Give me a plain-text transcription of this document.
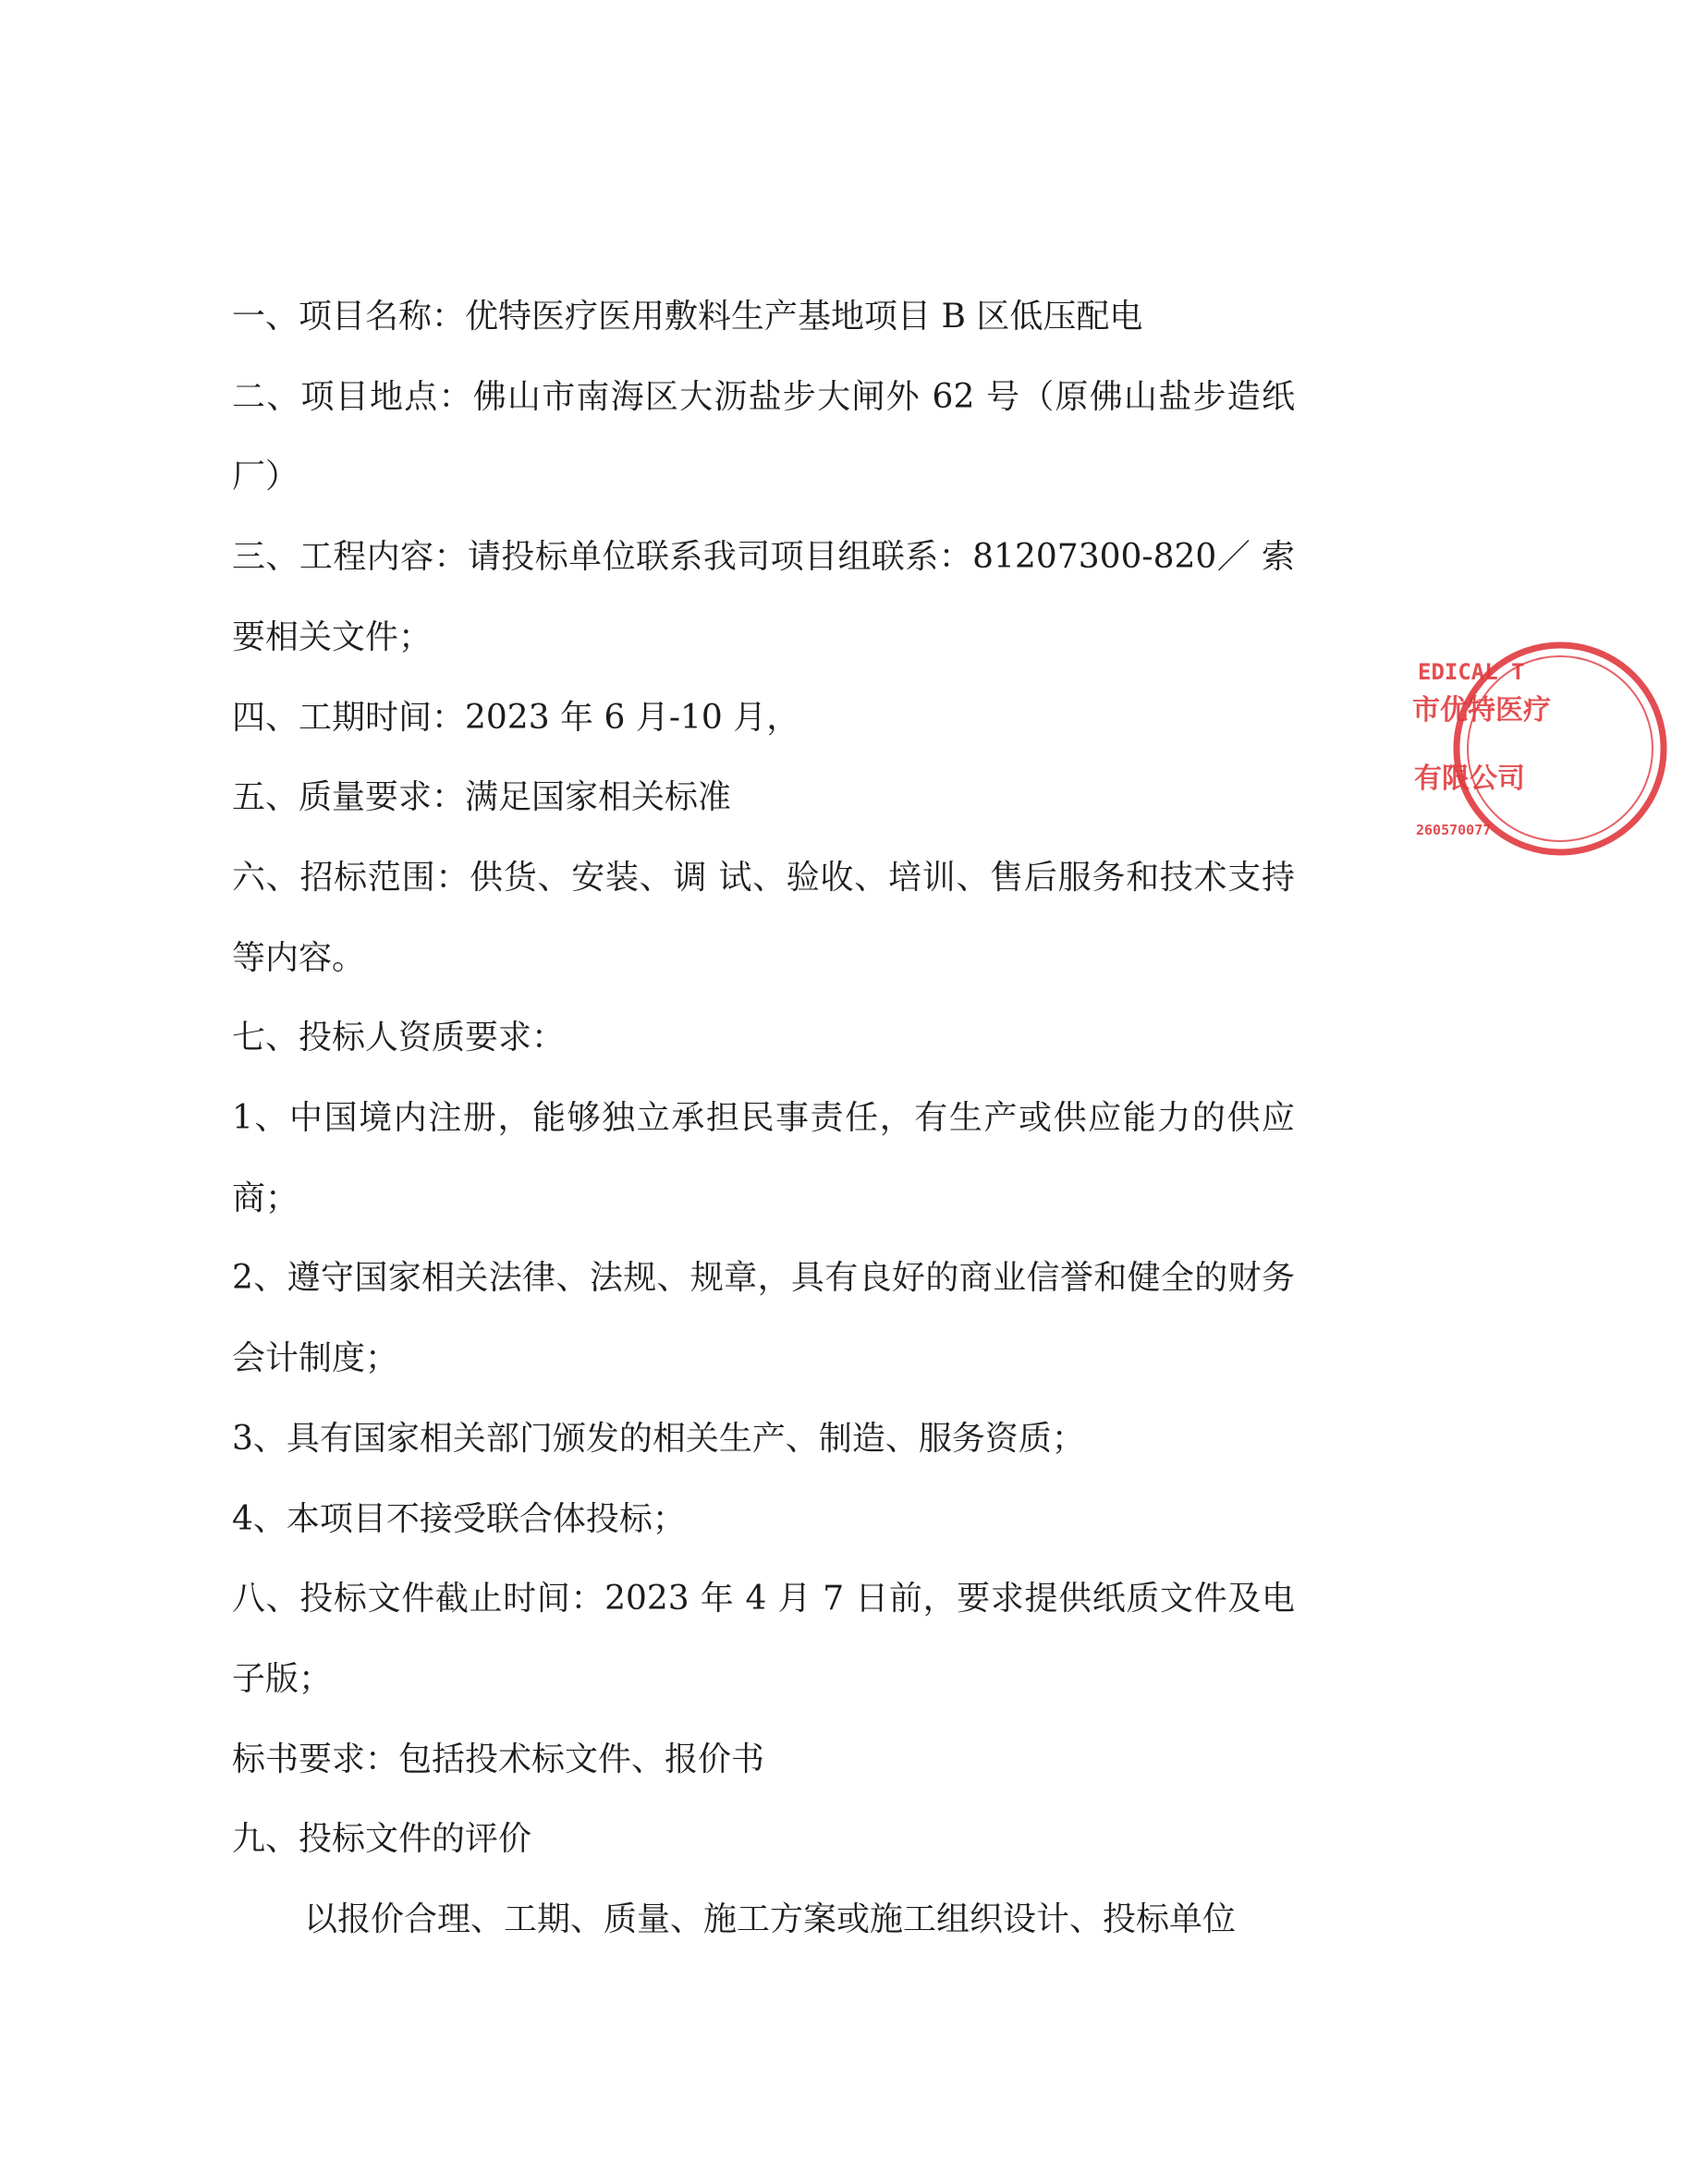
一、项目名称：优特医疗医用敷料生产基地项目 B 区低压配电

二、项目地点：佛山市南海区大沥盐步大闸外 62 号（原佛山盐步造纸厂）

三、工程内容：请投标单位联系我司项目组联系：81207300-820／ 索要相关文件；

四、工期时间：2023 年 6 月-10 月，

五、质量要求：满足国家相关标准

六、招标范围：供货、安装、调 试、验收、培训、售后服务和技术支持等内容。

七、投标人资质要求：

1、中国境内注册，能够独立承担民事责任，有生产或供应能力的供应商；

2、遵守国家相关法律、法规、规章，具有良好的商业信誉和健全的财务会计制度；

3、具有国家相关部门颁发的相关生产、制造、服务资质；

4、本项目不接受联合体投标；

八、投标文件截止时间：2023 年 4 月 7 日前，要求提供纸质文件及电子版；

标书要求：包括投术标文件、报价书

九、投标文件的评价

以报价合理、工期、质量、施工方案或施工组织设计、投标单位

EDICAL T
市优特医疗
有限公司
260570077
